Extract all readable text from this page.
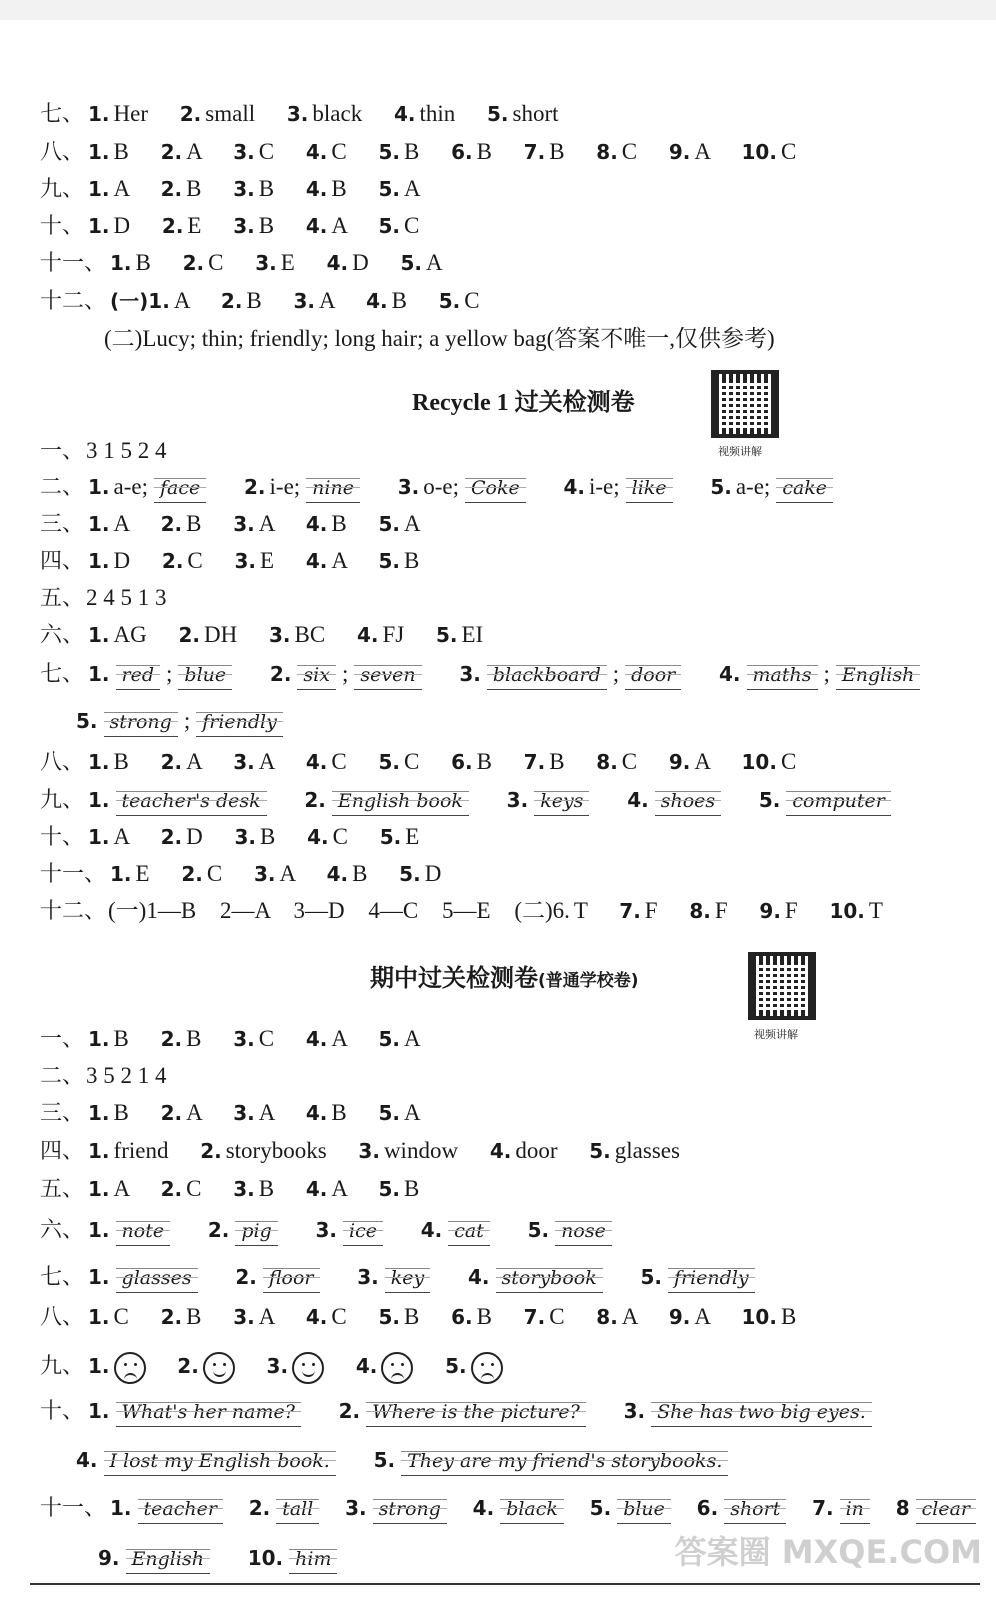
七、 1. Her 2. small 3. black 4. thin 5. short
八、 1. B 2. A 3. C 4. C 5. B 6. B 7. B 8. C 9. A 10. C
九、 1. A 2. B 3. B 4. B 5. A
十、 1. D 2. E 3. B 4. A 5. C
十一、 1. B 2. C 3. E 4. D 5. A
十二、 (一)1. A 2. B 3. A 4. B 5. C
(二)Lucy; thin; friendly; long hair; a yellow bag(答案不唯一,仅供参考)
Recycle 1 过关检测卷
视频讲解
一、3 1 5 2 4
二、 1. a-e; face 2. i-e; nine 3. o-e; Coke 4. i-e; like 5. a-e; cake
三、 1. A 2. B 3. A 4. B 5. A
四、 1. D 2. C 3. E 4. A 5. B
五、2 4 5 1 3
六、 1. AG 2. DH 3. BC 4. FJ 5. EI
七、 1. red ; blue 2. six ; seven 3. blackboard ; door 4. maths ; English
5. strong ; friendly
八、 1. B 2. A 3. A 4. C 5. C 6. B 7. B 8. C 9. A 10. C
九、 1. teacher's desk 2. English book 3. keys 4. shoes 5. computer
十、 1. A 2. D 3. B 4. C 5. E
十一、 1. E 2. C 3. A 4. B 5. D
十二、(一)1—B 2—A 3—D 4—C 5—E (二)6. T 7. F 8. F 9. F 10. T
期中过关检测卷(普通学校卷)
视频讲解
一、 1. B 2. B 3. C 4. A 5. A
二、3 5 2 1 4
三、 1. B 2. A 3. A 4. B 5. A
四、 1. friend 2. storybooks 3. window 4. door 5. glasses
五、 1. A 2. C 3. B 4. A 5. B
六、 1. note 2. pig 3. ice 4. cat 5. nose
七、 1. glasses 2. floor 3. key 4. storybook 5. friendly
八、 1. C 2. B 3. A 4. C 5. B 6. B 7. C 8. A 9. A 10. B
九、 1.	2.	3.	4.	5.
十、 1. What's her name? 2. Where is the picture? 3. She has two big eyes.
4. I lost my English book. 5. They are my friend's storybooks.
十一、 1. teacher 2. tall 3. strong 4. black 5. blue 6. short 7. in 8 clear
9. English 10. him	答案圈 MXQE.COM
